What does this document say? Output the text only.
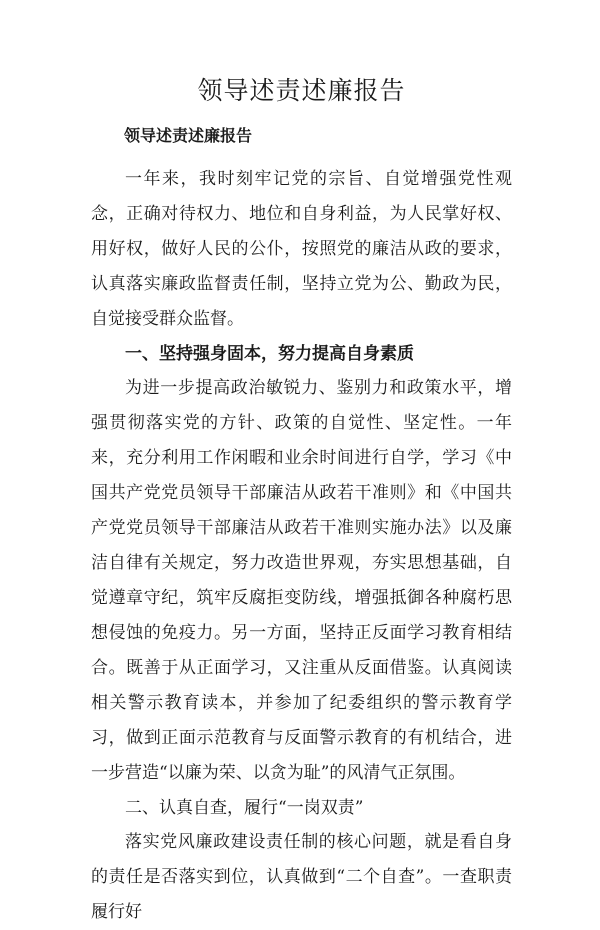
领导述责述廉报告

领导述责述廉报告

一年来，我时刻牢记党的宗旨、自觉增强党性观念，正确对待权力、地位和自身利益，为人民掌好权、用好权，做好人民的公仆，按照党的廉洁从政的要求，认真落实廉政监督责任制，坚持立党为公、勤政为民，自觉接受群众监督。

一、坚持强身固本，努力提高自身素质

为进一步提高政治敏锐力、鉴别力和政策水平，增强贯彻落实党的方针、政策的自觉性、坚定性。一年来，充分利用工作闲暇和业余时间进行自学，学习《中国共产党党员领导干部廉洁从政若干准则》和《中国共产党党员领导干部廉洁从政若干准则实施办法》以及廉洁自律有关规定，努力改造世界观，夯实思想基础，自觉遵章守纪，筑牢反腐拒变防线，增强抵御各种腐朽思想侵蚀的免疫力。另一方面，坚持正反面学习教育相结合。既善于从正面学习，又注重从反面借鉴。认真阅读相关警示教育读本，并参加了纪委组织的警示教育学习，做到正面示范教育与反面警示教育的有机结合，进一步营造“以廉为荣、以贪为耻”的风清气正氛围。

二、认真自查，履行“一岗双责”

落实党风廉政建设责任制的核心问题，就是看自身的责任是否落实到位，认真做到“二个自查”。一查职责履行好
